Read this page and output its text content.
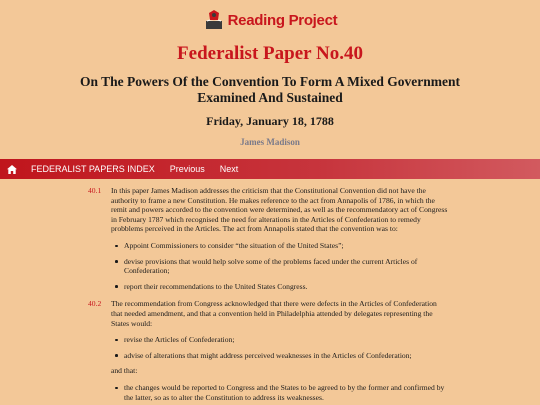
Reading Project
Federalist Paper No.40
On The Powers Of the Convention To Form A Mixed Government Examined And Sustained
Friday, January 18, 1788
James Madison
FEDERALIST PAPERS INDEX Previous Next
40.1 In this paper James Madison addresses the criticism that the Constitutional Convention did not have the authority to frame a new Constitution. He makes reference to the act from Annapolis of 1786, in which the remit and powers accorded to the convention were determined, as well as the recommendatory act of Congress in February 1787 which recognised the need for alterations in the Articles of Confederation to remedy probblems perceived in the Articles. The act from Annapolis stated that the convention was to:

Appoint Commissioners to consider “the situation of the United States”;
devise provisions that would help solve some of the problems faced under the current Articles of Confederation;
report their recommendations to the United States Congress.
40.2 The recommendation from Congress acknowledged that there were defects in the Articles of Confederation that needed amendment, and that a convention held in Philadelphia attended by delegates representing the States would:

revise the Articles of Confederation;
advise of alterations that might address perceived weaknesses in the Articles of Confederation;

and that:

the changes would be reported to Congress and the States to be agreed to by the former and confirmed by the latter, so as to alter the Constitution to address its weaknesses.
